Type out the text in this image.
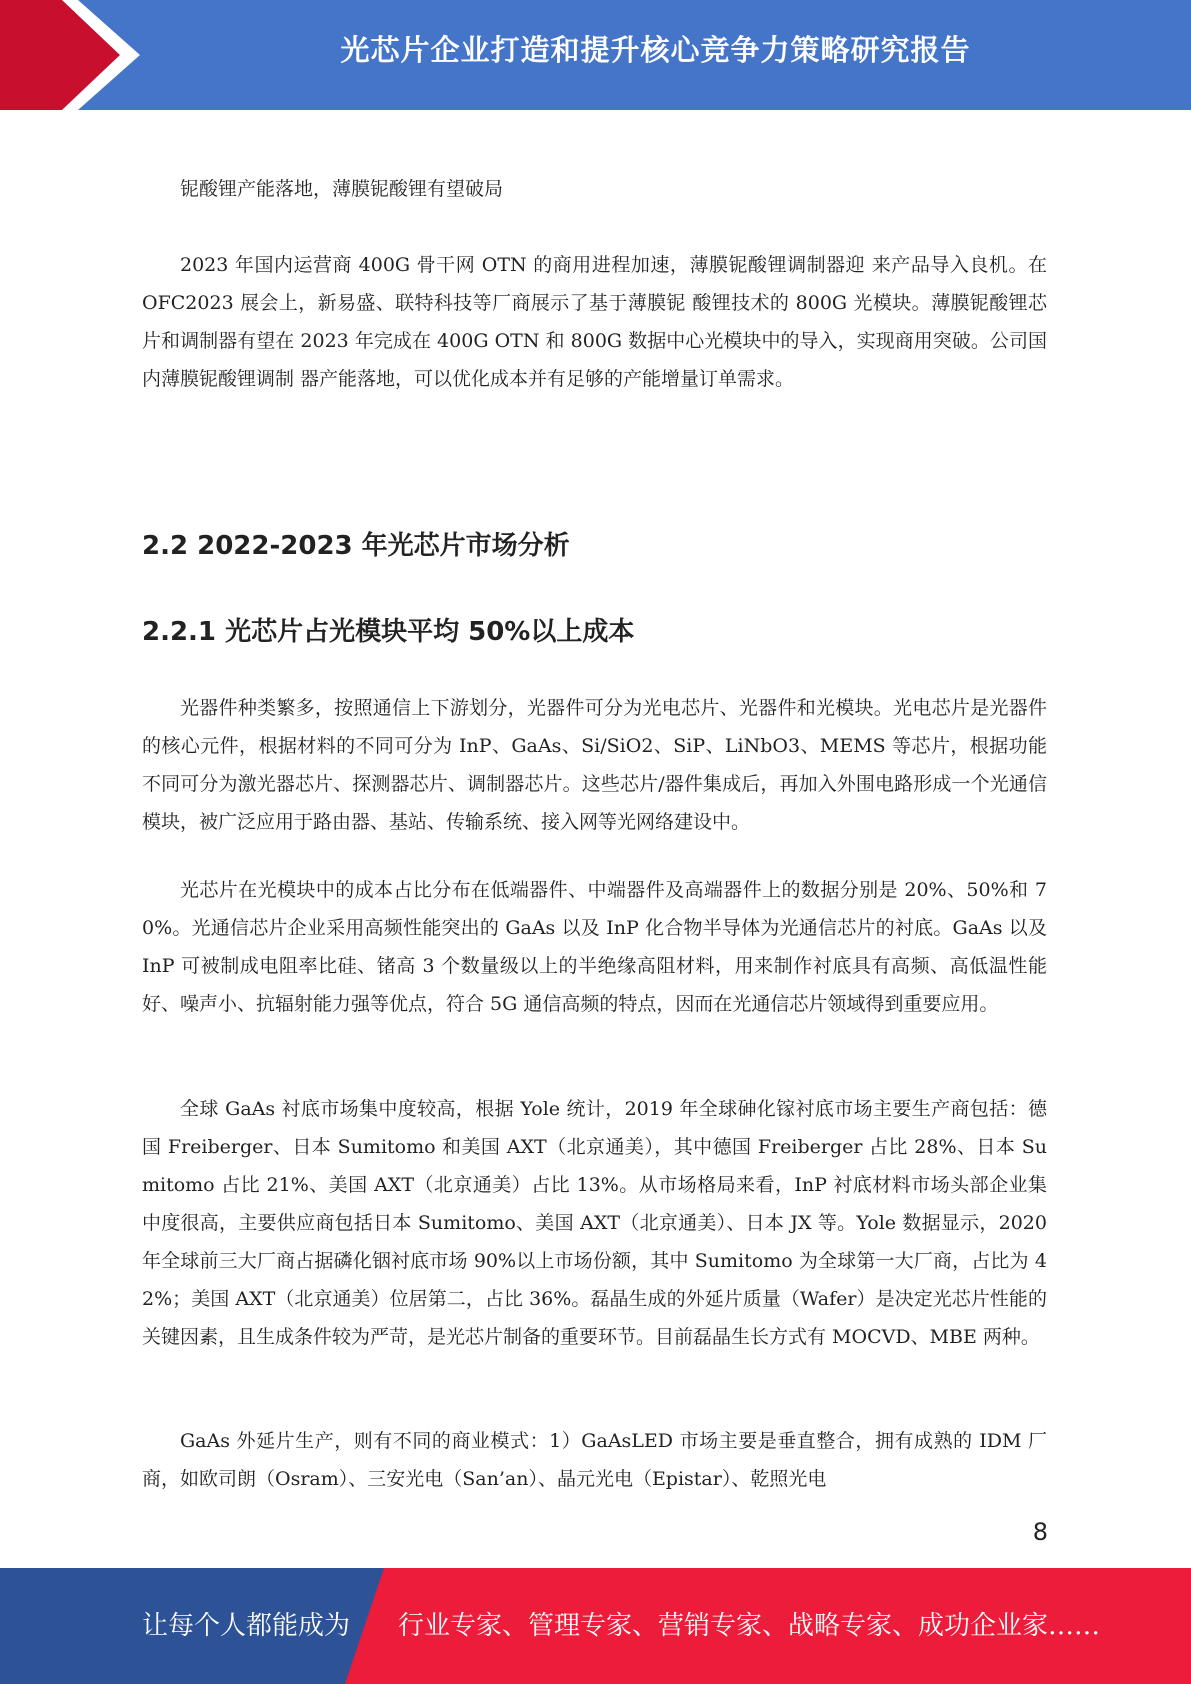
光芯片企业打造和提升核心竞争力策略研究报告

铌酸锂产能落地，薄膜铌酸锂有望破局

2023 年国内运营商 400G 骨干网 OTN 的商用进程加速，薄膜铌酸锂调制器迎 来产品导入良机。在 OFC2023 展会上，新易盛、联特科技等厂商展示了基于薄膜铌 酸锂技术的 800G 光模块。薄膜铌酸锂芯片和调制器有望在 2023 年完成在 400G OTN 和 800G 数据中心光模块中的导入，实现商用突破。公司国内薄膜铌酸锂调制 器产能落地，可以优化成本并有足够的产能增量订单需求。

2.2 2022-2023 年光芯片市场分析
2.2.1 光芯片占光模块平均 50%以上成本

光器件种类繁多，按照通信上下游划分，光器件可分为光电芯片、光器件和光模块。光电芯片是光器件的核心元件，根据材料的不同可分为 InP、GaAs、Si/SiO2、SiP、LiNbO3、MEMS 等芯片，根据功能不同可分为激光器芯片、探测器芯片、调制器芯片。这些芯片/器件集成后，再加入外围电路形成一个光通信模块，被广泛应用于路由器、基站、传输系统、接入网等光网络建设中。

光芯片在光模块中的成本占比分布在低端器件、中端器件及高端器件上的数据分别是 20%、50%和 70%。光通信芯片企业采用高频性能突出的 GaAs 以及 InP 化合物半导体为光通信芯片的衬底。GaAs 以及 InP 可被制成电阻率比硅、锗高 3 个数量级以上的半绝缘高阻材料，用来制作衬底具有高频、高低温性能好、噪声小、抗辐射能力强等优点，符合 5G 通信高频的特点，因而在光通信芯片领域得到重要应用。

全球 GaAs 衬底市场集中度较高，根据 Yole 统计，2019 年全球砷化镓衬底市场主要生产商包括：德国 Freiberger、日本 Sumitomo 和美国 AXT（北京通美），其中德国 Freiberger 占比 28%、日本 Sumitomo 占比 21%、美国 AXT（北京通美）占比 13%。从市场格局来看，InP 衬底材料市场头部企业集中度很高，主要供应商包括日本 Sumitomo、美国 AXT（北京通美）、日本 JX 等。Yole 数据显示，2020 年全球前三大厂商占据磷化铟衬底市场 90%以上市场份额，其中 Sumitomo 为全球第一大厂商，占比为 42%；美国 AXT（北京通美）位居第二，占比 36%。磊晶生成的外延片质量（Wafer）是决定光芯片性能的关键因素，且生成条件较为严苛，是光芯片制备的重要环节。目前磊晶生长方式有 MOCVD、MBE 两种。

GaAs 外延片生产，则有不同的商业模式：1）GaAsLED 市场主要是垂直整合，拥有成熟的 IDM 厂商，如欧司朗（Osram）、三安光电（San’an）、晶元光电（Epistar）、乾照光电

8
让每个人都能成为 行业专家、管理专家、营销专家、战略专家、成功企业家……
